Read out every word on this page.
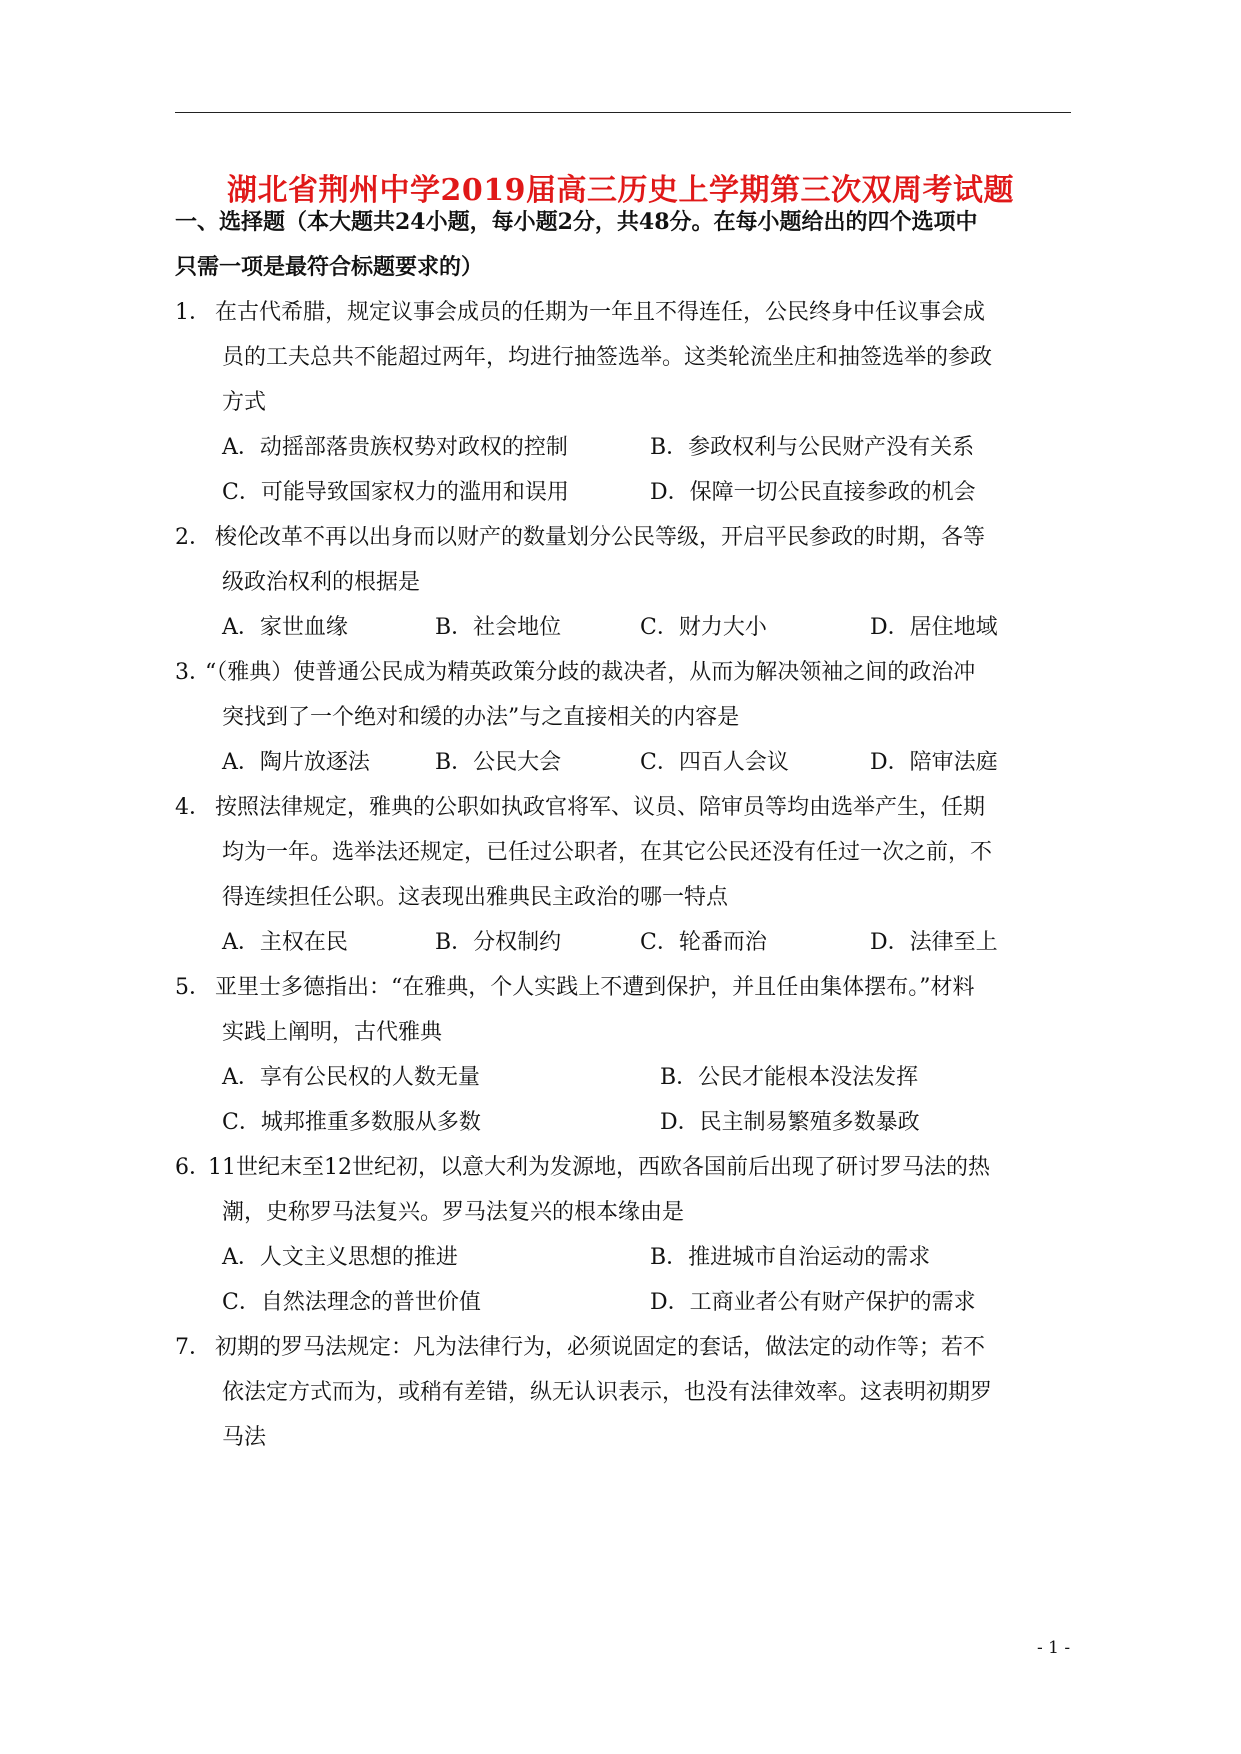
湖北省荆州中学2019届高三历史上学期第三次双周考试题
一、选择题（本大题共24小题，每小题2分，共48分。在每小题给出的四个选项中
只需一项是最符合标题要求的）
1． 在古代希腊，规定议事会成员的任期为一年且不得连任，公民终身中任议事会成
员的工夫总共不能超过两年，均进行抽签选举。这类轮流坐庄和抽签选举的参政
方式
A．动摇部落贵族权势对政权的控制	B．参政权利与公民财产没有关系
C．可能导致国家权力的滥用和误用	D．保障一切公民直接参政的机会
2． 梭伦改革不再以出身而以财产的数量划分公民等级，开启平民参政的时期，各等
级政治权利的根据是
A．家世血缘	B．社会地位	C．财力大小	D．居住地域
3．
“（雅典）使普通公民成为精英政策分歧的裁决者，从而为解决领袖之间的政治冲
突找到了一个绝对和缓的办法”与之直接相关的内容是
A．陶片放逐法	B．公民大会	C．四百人会议	D．陪审法庭
4． 按照法律规定，雅典的公职如执政官将军、议员、陪审员等均由选举产生，任期
均为一年。选举法还规定，已任过公职者，在其它公民还没有任过一次之前，不
得连续担任公职。这表现出雅典民主政治的哪一特点
A．主权在民	B．分权制约	C．轮番而治	D．法律至上
5． 亚里士多德指出：“在雅典，个人实践上不遭到保护，并且任由集体摆布。”材料
实践上阐明，古代雅典
A．享有公民权的人数无量	B．公民才能根本没法发挥
C．城邦推重多数服从多数	D．民主制易繁殖多数暴政
6．
11世纪末至12世纪初，以意大利为发源地，西欧各国前后出现了研讨罗马法的热
潮，史称罗马法复兴。罗马法复兴的根本缘由是
A．人文主义思想的推进	B．推进城市自治运动的需求
C．自然法理念的普世价值	D．工商业者公有财产保护的需求
7． 初期的罗马法规定：凡为法律行为，必须说固定的套话，做法定的动作等；若不
依法定方式而为，或稍有差错，纵无认识表示，也没有法律效率。这表明初期罗
马法
- 1 -
